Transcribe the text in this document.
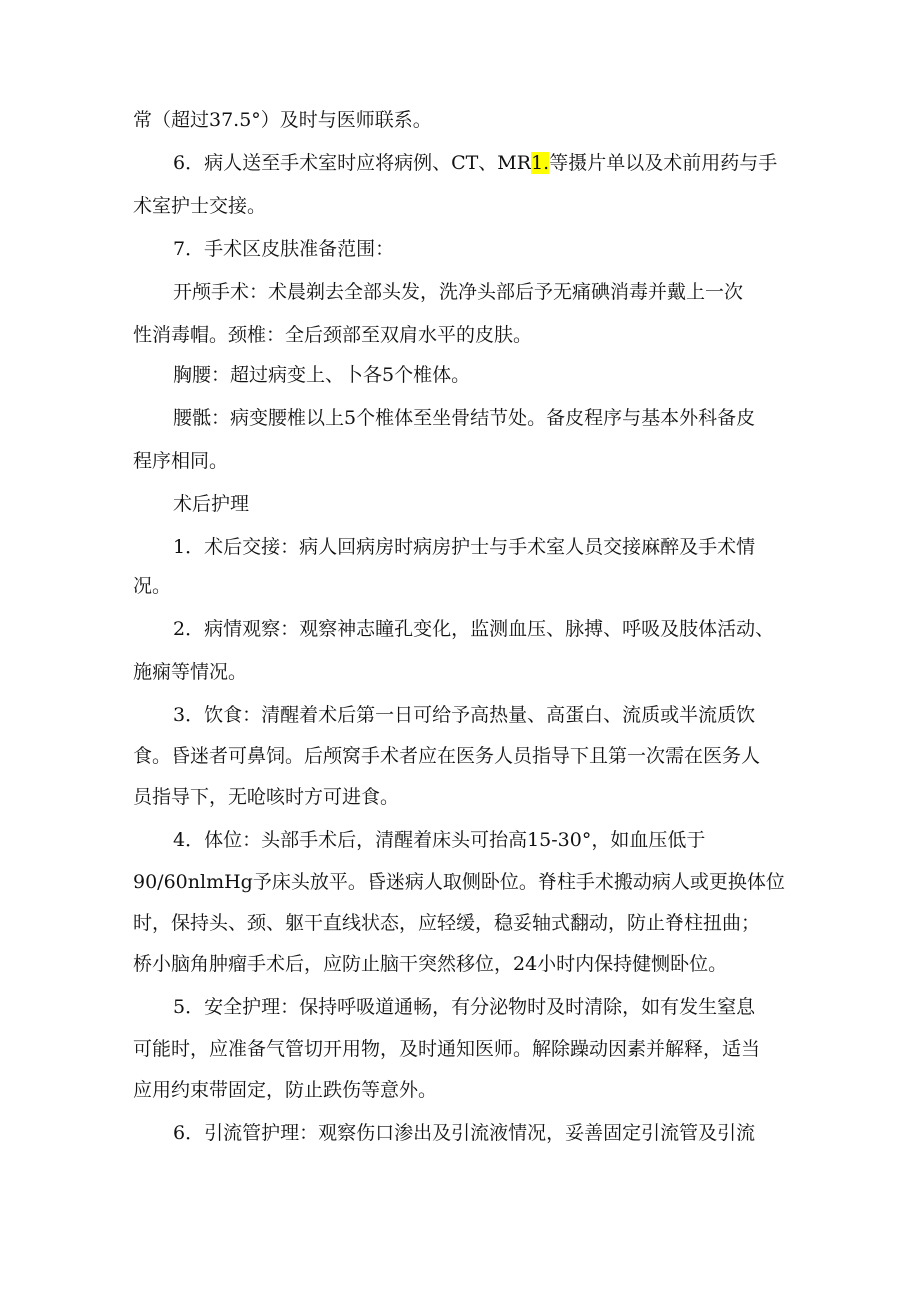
常（超过37.5°）及时与医师联系。
6．病人送至手术室时应将病例、CT、MR1.等摄片单以及术前用药与手
术室护士交接。
7．手术区皮肤准备范围：
开颅手术：术晨剃去全部头发，洗净头部后予无痛碘消毒并戴上一次
性消毒帽。颈椎：全后颈部至双肩水平的皮肤。
胸腰：超过病变上、卜各5个椎体。
腰骶：病变腰椎以上5个椎体至坐骨结节处。备皮程序与基本外科备皮
程序相同。
术后护理
1．术后交接：病人回病房时病房护士与手术室人员交接麻醉及手术情
况。
2．病情观察：观察神志瞳孔变化，监测血压、脉搏、呼吸及肢体活动、
施痫等情况。
3．饮食：清醒着术后第一日可给予高热量、高蛋白、流质或半流质饮
食。昏迷者可鼻饲。后颅窝手术者应在医务人员指导下且第一次需在医务人
员指导下，无呛咳时方可进食。
4．体位：头部手术后，清醒着床头可抬高15-30°，如血压低于
90/60nlmHg予床头放平。昏迷病人取侧卧位。脊柱手术搬动病人或更换体位
时，保持头、颈、躯干直线状态，应轻缓，稳妥轴式翻动，防止脊柱扭曲；
桥小脑角肿瘤手术后，应防止脑干突然移位，24小时内保持健恻卧位。
5．安全护理：保持呼吸道通畅，有分泌物时及时清除，如有发生窒息
可能时，应准备气管切开用物，及时通知医师。解除躁动因素并解释，适当
应用约束带固定，防止跌伤等意外。
6．引流管护理：观察伤口渗出及引流液情况，妥善固定引流管及引流
